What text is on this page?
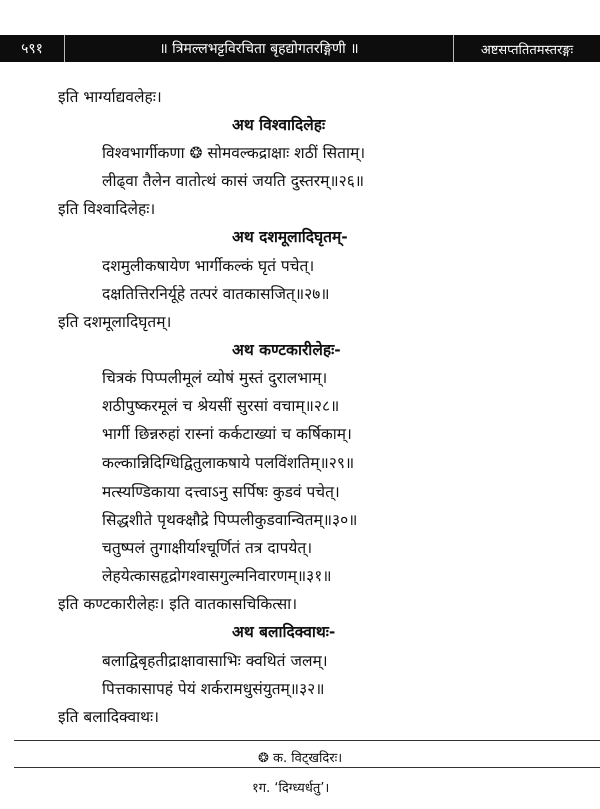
५९१	॥ त्रिमल्लभट्टविरचिता बृहद्योगतरङ्गिणी ॥	अष्टसप्ततितमस्तरङ्गः
इति भार्ग्याद्यवलेहः।
अथ विश्वादिलेहः
विश्वभार्गीकणा ❂ सोमवल्कद्राक्षाः शठीं सिताम्।
लीढ्वा तैलेन वातोत्थं कासं जयति दुस्तरम्॥२६॥
इति विश्वादिलेहः।
अथ दशमूलादिघृतम्-
दशमुलीकषायेण भार्गीकल्कं घृतं पचेत्।
दक्षतित्तिरनिर्यूहे तत्परं वातकासजित्॥२७॥
इति दशमूलादिघृतम्।
अथ कण्टकारीलेहः-
चित्रकं पिप्पलीमूलं व्योषं मुस्तं दुरालभाम्।
शठीपुष्करमूलं च श्रेयसीं सुरसां वचाम्॥२८॥
भार्गी छिन्नरुहां रास्नां कर्कटाख्यां च कर्षिकाम्।
कल्कान्निदिग्धिद्वितुलाकषाये पलविंशतिम्॥२९॥
मत्स्यण्डिकाया दत्त्वाऽनु सर्पिषः कुडवं पचेत्।
सिद्धशीते पृथक्क्षौद्रे पिप्पलीकुडवान्वितम्॥३०॥
चतुष्पलं तुगाक्षीर्याश्चूर्णितं तत्र दापयेत्।
लेहयेत्कासहृद्रोगश्वासगुल्मनिवारणम्॥३१॥
इति कण्टकारीलेहः। इति वातकासचिकित्सा।
अथ बलादिक्वाथः-
बलाद्विबृहतीद्राक्षावासाभिः क्वथितं जलम्।
पित्तकासापहं पेयं शर्करामधुसंयुतम्॥३२॥
इति बलादिक्वाथः।
❂ क. विट्खदिरः।
१ग. ‘दिग्ध्यर्धतु’।
